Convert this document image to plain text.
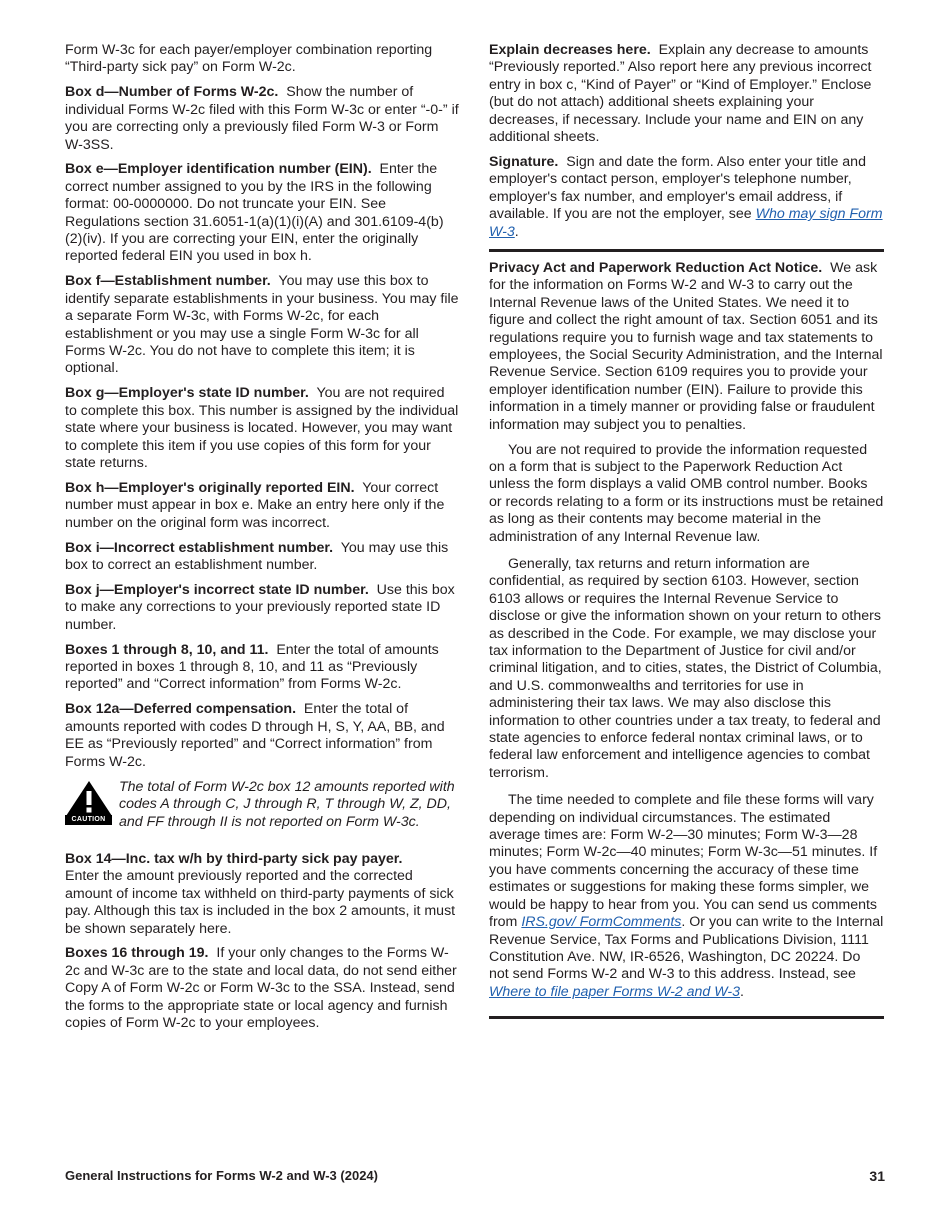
Form W-3c for each payer/employer combination reporting “Third-party sick pay” on Form W-2c.

Box d—Number of Forms W-2c. Show the number of individual Forms W-2c filed with this Form W-3c or enter “-0-” if you are correcting only a previously filed Form W-3 or Form W-3SS.

Box e—Employer identification number (EIN). Enter the correct number assigned to you by the IRS in the following format: 00-0000000. Do not truncate your EIN. See Regulations section 31.6051-1(a)(1)(i)(A) and 301.6109-4(b)(2)(iv). If you are correcting your EIN, enter the originally reported federal EIN you used in box h.

Box f—Establishment number. You may use this box to identify separate establishments in your business. You may file a separate Form W-3c, with Forms W-2c, for each establishment or you may use a single Form W-3c for all Forms W-2c. You do not have to complete this item; it is optional.

Box g—Employer's state ID number. You are not required to complete this box. This number is assigned by the individual state where your business is located. However, you may want to complete this item if you use copies of this form for your state returns.

Box h—Employer's originally reported EIN. Your correct number must appear in box e. Make an entry here only if the number on the original form was incorrect.

Box i—Incorrect establishment number. You may use this box to correct an establishment number.

Box j—Employer's incorrect state ID number. Use this box to make any corrections to your previously reported state ID number.

Boxes 1 through 8, 10, and 11. Enter the total of amounts reported in boxes 1 through 8, 10, and 11 as “Previously reported” and “Correct information” from Forms W-2c.

Box 12a—Deferred compensation. Enter the total of amounts reported with codes D through H, S, Y, AA, BB, and EE as “Previously reported” and “Correct information” from Forms W-2c.

CAUTION
The total of Form W-2c box 12 amounts reported with codes A through C, J through R, T through W, Z, DD, and FF through II is not reported on Form W-3c.

Box 14—Inc. tax w/h by third-party sick pay payer.
Enter the amount previously reported and the corrected amount of income tax withheld on third-party payments of sick pay. Although this tax is included in the box 2 amounts, it must be shown separately here.

Boxes 16 through 19. If your only changes to the Forms W-2c and W-3c are to the state and local data, do not send either Copy A of Form W-2c or Form W-3c to the SSA. Instead, send the forms to the appropriate state or local agency and furnish copies of Form W-2c to your employees.

Explain decreases here. Explain any decrease to amounts “Previously reported.” Also report here any previous incorrect entry in box c, “Kind of Payer” or “Kind of Employer.” Enclose (but do not attach) additional sheets explaining your decreases, if necessary. Include your name and EIN on any additional sheets.

Signature. Sign and date the form. Also enter your title and employer's contact person, employer's telephone number, employer's fax number, and employer's email address, if available. If you are not the employer, see Who may sign Form W-3.

Privacy Act and Paperwork Reduction Act Notice. We ask for the information on Forms W-2 and W-3 to carry out the Internal Revenue laws of the United States. We need it to figure and collect the right amount of tax. Section 6051 and its regulations require you to furnish wage and tax statements to employees, the Social Security Administration, and the Internal Revenue Service. Section 6109 requires you to provide your employer identification number (EIN). Failure to provide this information in a timely manner or providing false or fraudulent information may subject you to penalties.

You are not required to provide the information requested on a form that is subject to the Paperwork Reduction Act unless the form displays a valid OMB control number. Books or records relating to a form or its instructions must be retained as long as their contents may become material in the administration of any Internal Revenue law.

Generally, tax returns and return information are confidential, as required by section 6103. However, section 6103 allows or requires the Internal Revenue Service to disclose or give the information shown on your return to others as described in the Code. For example, we may disclose your tax information to the Department of Justice for civil and/or criminal litigation, and to cities, states, the District of Columbia, and U.S. commonwealths and territories for use in administering their tax laws. We may also disclose this information to other countries under a tax treaty, to federal and state agencies to enforce federal nontax criminal laws, or to federal law enforcement and intelligence agencies to combat terrorism.

The time needed to complete and file these forms will vary depending on individual circumstances. The estimated average times are: Form W-2—30 minutes; Form W-3—28 minutes; Form W-2c—40 minutes; Form W-3c—51 minutes. If you have comments concerning the accuracy of these time estimates or suggestions for making these forms simpler, we would be happy to hear from you. You can send us comments from IRS.gov/ FormComments. Or you can write to the Internal Revenue Service, Tax Forms and Publications Division, 1111 Constitution Ave. NW, IR-6526, Washington, DC 20224. Do not send Forms W-2 and W-3 to this address. Instead, see Where to file paper Forms W-2 and W-3.

General Instructions for Forms W-2 and W-3 (2024)	31
